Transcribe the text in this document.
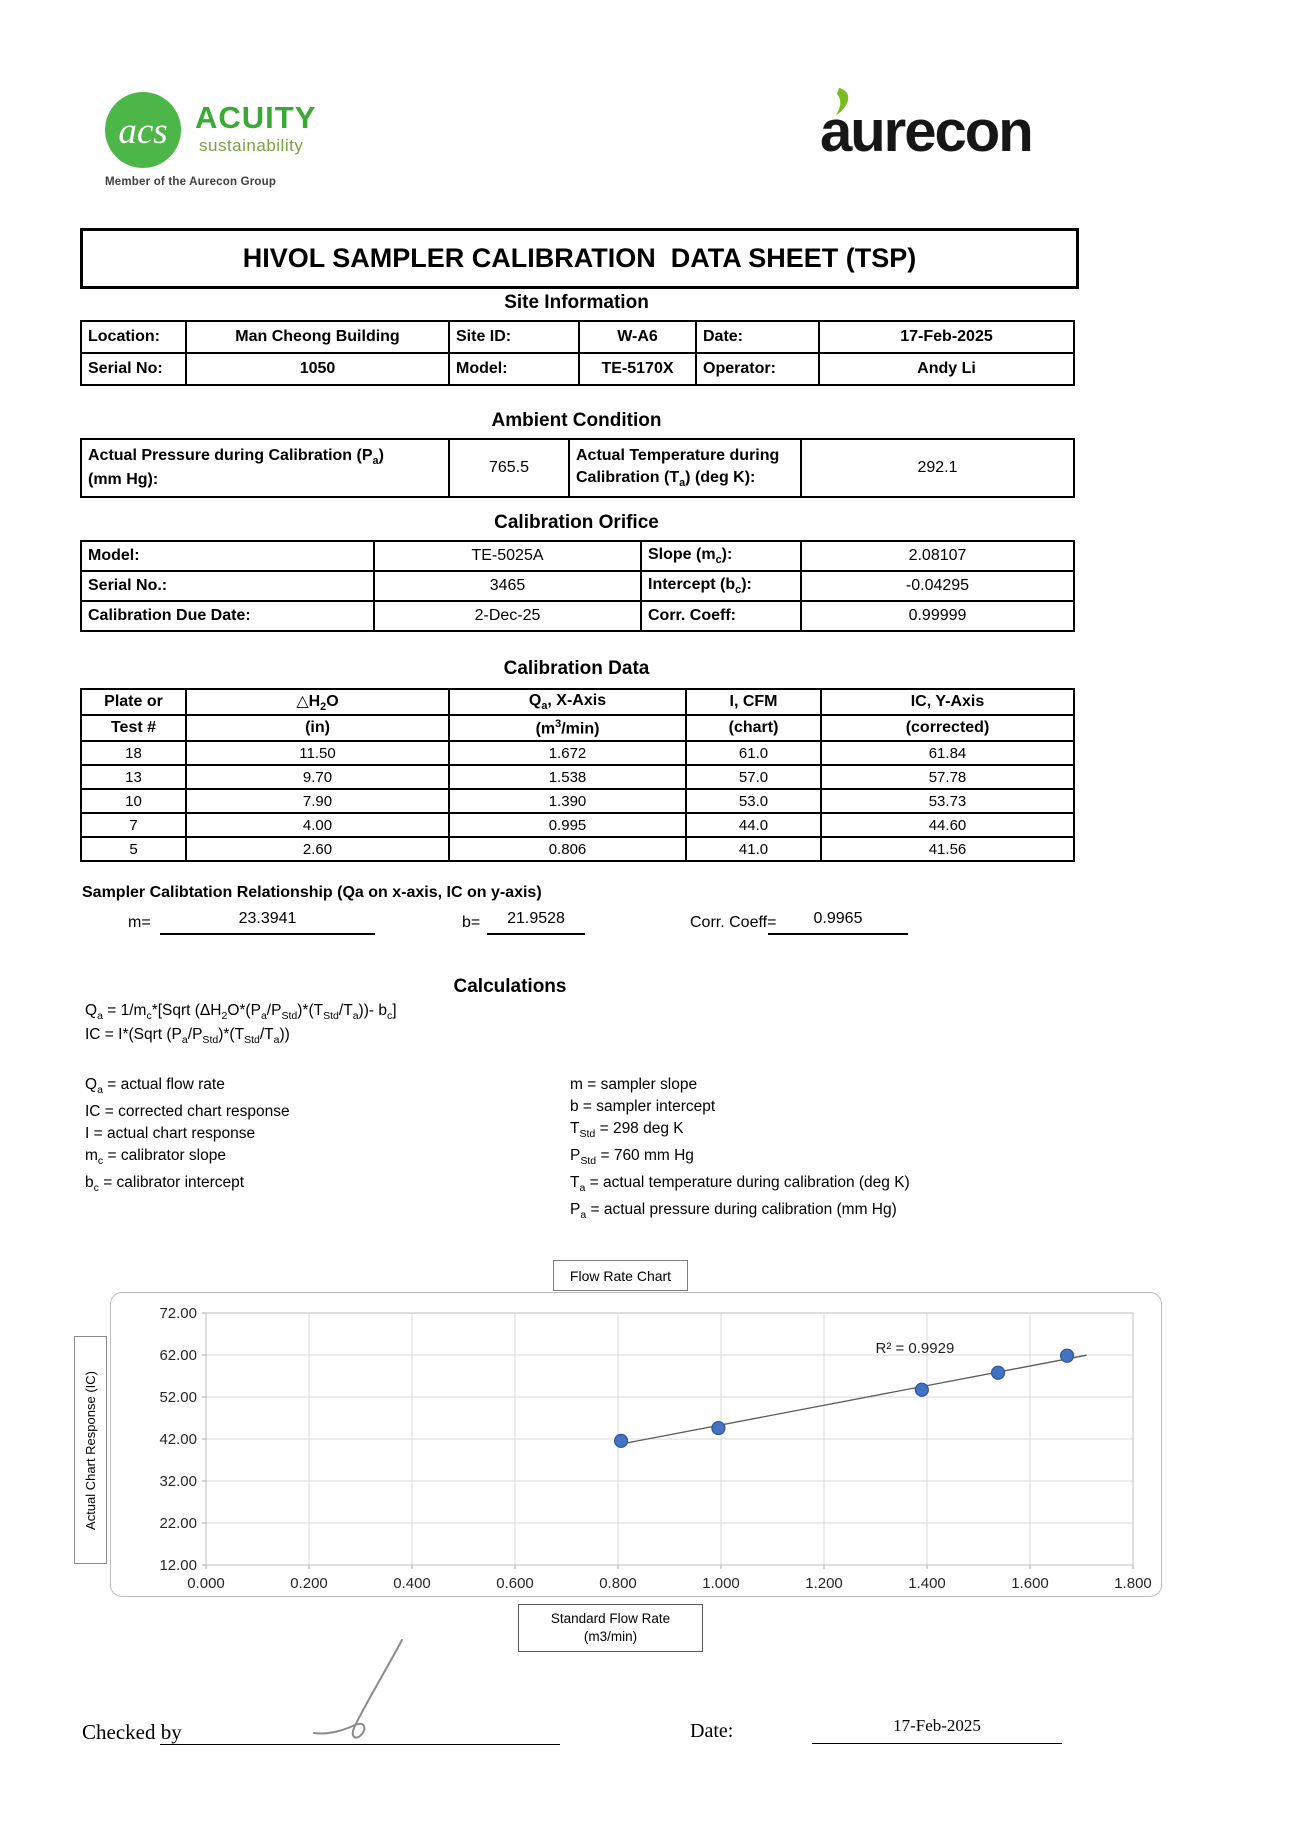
acs ACUITY
sustainability
Member of the Aurecon Group
aurecon
HIVOL SAMPLER CALIBRATION  DATA SHEET (TSP)
Site Information
Location:	Man Cheong Building	Site ID:	W-A6	Date:	17-Feb-2025
Serial No:	1050	Model:	TE-5170X	Operator:	Andy Li
Ambient Condition
Actual Pressure during Calibration $(P_a)$
(mm Hg):	765.5	Actual Temperature during
Calibration $(T_a)$ (deg K):	292.1
Calibration Orifice
Model:	TE-5025A	Slope $(m_c)$:	2.08107
Serial No.:	3465	Intercept $(b_c)$:	-0.04295
Calibration Due Date:	2-Dec-25	Corr. Coeff:	0.99999
Calibration Data
Plate or	$\triangle H_2O$	$Q_a$, X-Axis	I, CFM	IC, Y-Axis
Test #	(in)	$(m^3/\min)$	(chart)	(corrected)
18	11.50	1.672	61.0	61.84
13	9.70	1.538	57.0	57.78
10	7.90	1.390	53.0	53.73
7	4.00	0.995	44.0	44.60
5	2.60	0.806	41.0	41.56
Sampler Calibtation Relationship (Qa on x-axis, IC on y-axis)
m=	23.3941	b=	21.9528	Corr. Coeff=	0.9965
Calculations
$Q_a$ = $1/m_c*[Sqrt$ $(\Delta H_2O*(P_a/P_{Std})*(T_{Std}/T_a))-$ $b_c$]
IC = I*(Sqrt $(P_a/P_{Std})*(T_{Std}/T_a)$)
$Q_a$ = actual flow rate
IC = corrected chart response
I = actual chart response
$m_c$ = calibrator slope
$b_c$ = calibrator intercept
m = sampler slope
b = sampler intercept
$T_{Std} = 298$ deg K
$P_{Std} = 760$ mm Hg
$T_a$ = actual temperature during calibration (deg K)
$P_a$ = actual pressure during calibration (mm Hg)
Flow Rate Chart
12.00
22.00
32.00
42.00
52.00
62.00
72.00
0.000	0.200	0.400	0.600	0.800	1.000	1.200	1.400	1.600	1.800
R² = 0.9929
Actual Chart Response (IC)
Standard Flow Rate
(m3/min)
Checked by	Date:	17-Feb-2025
